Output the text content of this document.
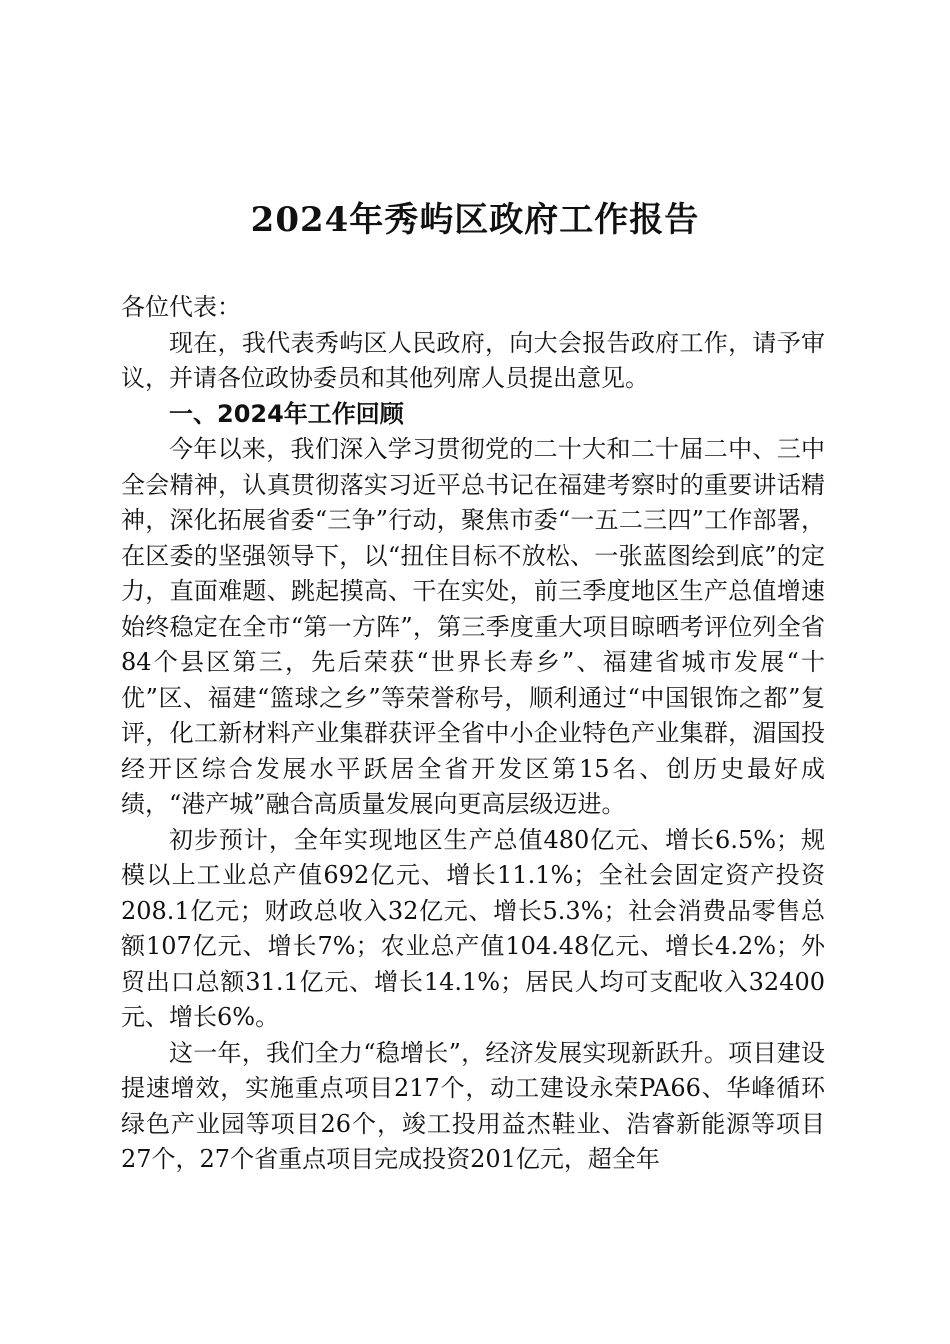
2024年秀屿区政府工作报告

各位代表：

现在，我代表秀屿区人民政府，向大会报告政府工作，请予审议，并请各位政协委员和其他列席人员提出意见。

一、2024年工作回顾

今年以来，我们深入学习贯彻党的二十大和二十届二中、三中全会精神，认真贯彻落实习近平总书记在福建考察时的重要讲话精神，深化拓展省委“三争”行动，聚焦市委“一五二三四”工作部署，在区委的坚强领导下，以“扭住目标不放松、一张蓝图绘到底”的定力，直面难题、跳起摸高、干在实处，前三季度地区生产总值增速始终稳定在全市“第一方阵”，第三季度重大项目晾晒考评位列全省84个县区第三，先后荣获“世界长寿乡”、福建省城市发展“十优”区、福建“篮球之乡”等荣誉称号，顺利通过“中国银饰之都”复评，化工新材料产业集群获评全省中小企业特色产业集群，湄国投经开区综合发展水平跃居全省开发区第15名、创历史最好成绩，“港产城”融合高质量发展向更高层级迈进。

初步预计，全年实现地区生产总值480亿元、增长6.5%；规模以上工业总产值692亿元、增长11.1%；全社会固定资产投资208.1亿元；财政总收入32亿元、增长5.3%；社会消费品零售总额107亿元、增长7%；农业总产值104.48亿元、增长4.2%；外贸出口总额31.1亿元、增长14.1%；居民人均可支配收入32400元、增长6%。

这一年，我们全力“稳增长”，经济发展实现新跃升。项目建设提速增效，实施重点项目217个，动工建设永荣PA66、华峰循环绿色产业园等项目26个，竣工投用益杰鞋业、浩睿新能源等项目27个，27个省重点项目完成投资201亿元，超全年
